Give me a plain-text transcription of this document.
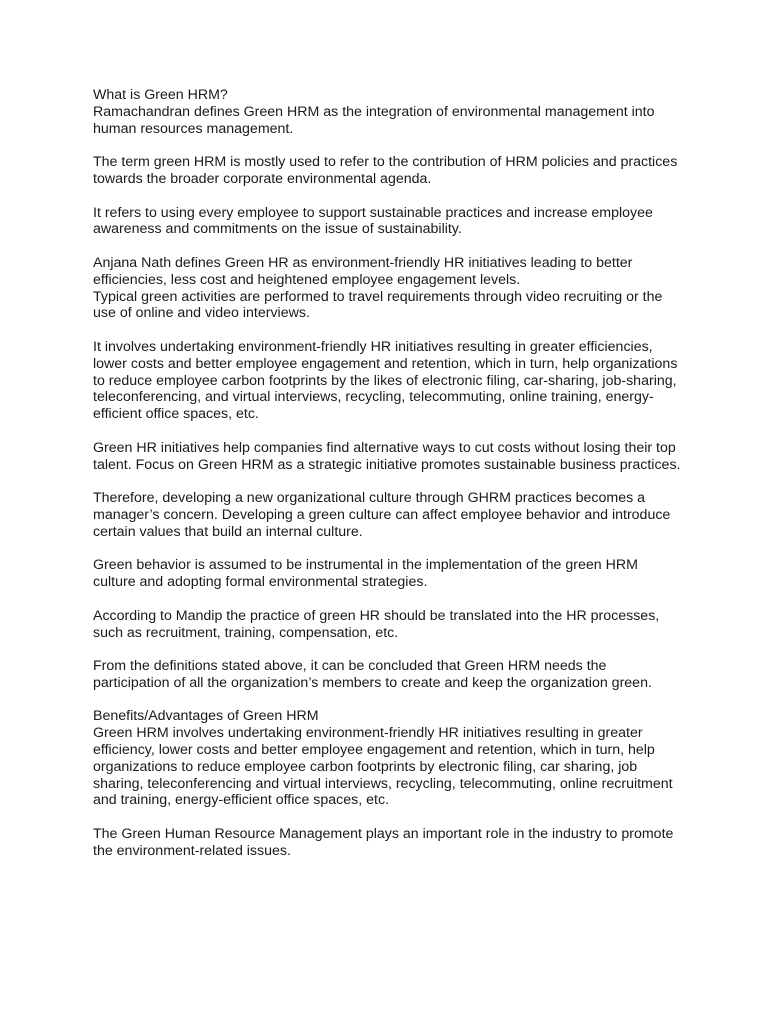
What is Green HRM?

Ramachandran defines Green HRM as the integration of environmental management into human resources management.

The term green HRM is mostly used to refer to the contribution of HRM policies and practices towards the broader corporate environmental agenda.

It refers to using every employee to support sustainable practices and increase employee awareness and commitments on the issue of sustainability.

Anjana Nath defines Green HR as environment-friendly HR initiatives leading to better efficiencies, less cost and heightened employee engagement levels.

Typical green activities are performed to travel requirements through video recruiting or the use of online and video interviews.

It involves undertaking environment-friendly HR initiatives resulting in greater efficiencies, lower costs and better employee engagement and retention, which in turn, help organizations to reduce employee carbon footprints by the likes of electronic filing, car-sharing, job-sharing, teleconferencing, and virtual interviews, recycling, telecommuting, online training, energy-efficient office spaces, etc.

Green HR initiatives help companies find alternative ways to cut costs without losing their top talent. Focus on Green HRM as a strategic initiative promotes sustainable business practices.

Therefore, developing a new organizational culture through GHRM practices becomes a manager’s concern. Developing a green culture can affect employee behavior and introduce certain values that build an internal culture.

Green behavior is assumed to be instrumental in the implementation of the green HRM culture and adopting formal environmental strategies.

According to Mandip the practice of green HR should be translated into the HR processes, such as recruitment, training, compensation, etc.

From the definitions stated above, it can be concluded that Green HRM needs the participation of all the organization’s members to create and keep the organization green.

Benefits/Advantages of Green HRM

Green HRM involves undertaking environment-friendly HR initiatives resulting in greater efficiency, lower costs and better employee engagement and retention, which in turn, help organizations to reduce employee carbon footprints by electronic filing, car sharing, job sharing, teleconferencing and virtual interviews, recycling, telecommuting, online recruitment and training, energy-efficient office spaces, etc.

The Green Human Resource Management plays an important role in the industry to promote the environment-related issues.
